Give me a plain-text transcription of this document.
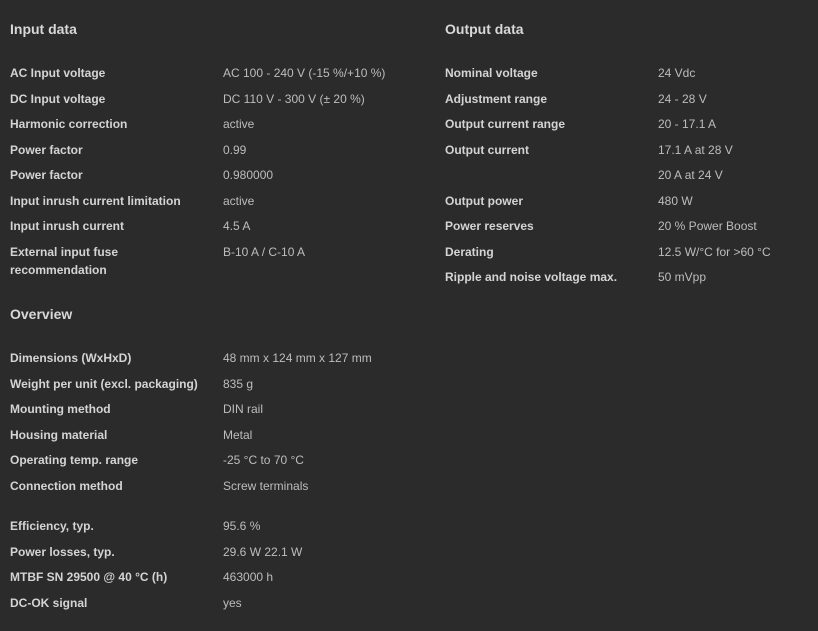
Input data
AC Input voltage	AC 100 - 240 V (-15 %/+10 %)
DC Input voltage	DC 110 V - 300 V (± 20 %)
Harmonic correction	active
Power factor	0.99
Power factor	0.980000
Input inrush current limitation	active
Input inrush current	4.5 A
External input fuse recommendation
B-10 A / C-10 A
Output data
Nominal voltage	24 Vdc
Adjustment range	24 - 28 V
Output current range	20 - 17.1 A
Output current	17.1 A at 28 V
20 A at 24 V
Output power	480 W
Power reserves	20 % Power Boost
Derating	12.5 W/°C for >60 °C
Ripple and noise voltage max.	50 mVpp
Overview
Dimensions (WxHxD)	48 mm x 124 mm x 127 mm
Weight per unit (excl. packaging) 835 g
Mounting method	DIN rail
Housing material	Metal
Operating temp. range	-25 °C to 70 °C
Connection method	Screw terminals
Efficiency, typ.	95.6 %
Power losses, typ.	29.6 W 22.1 W
MTBF SN 29500 @ 40 °C (h)	463000 h
DC-OK signal	yes
